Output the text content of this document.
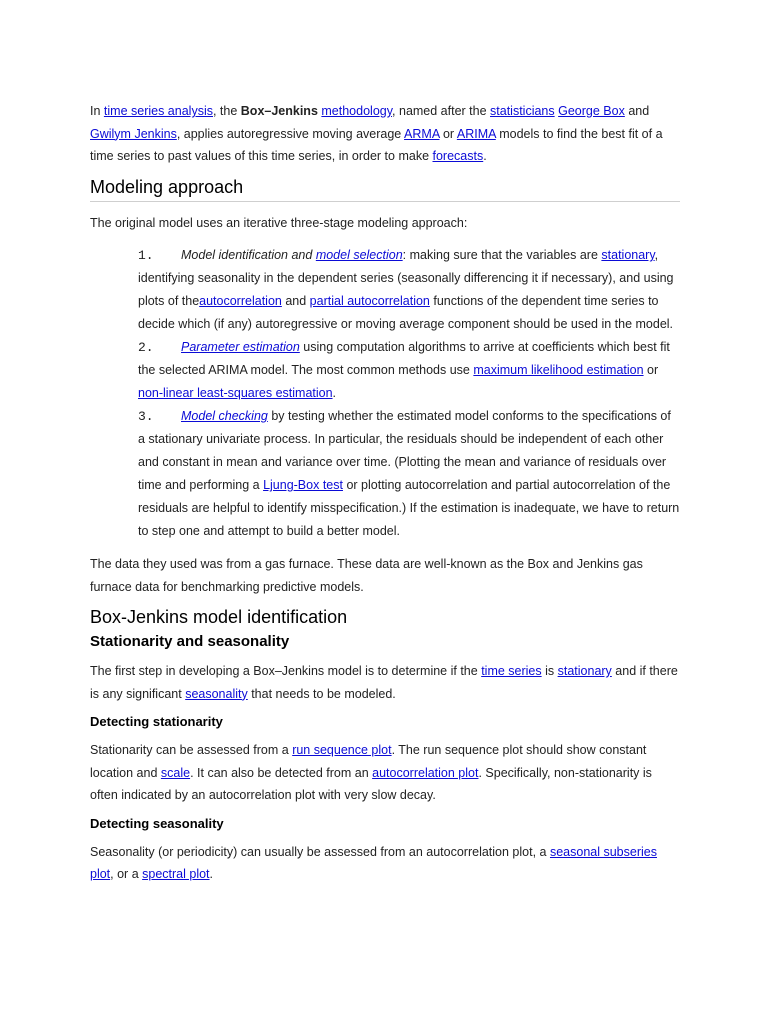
In time series analysis, the Box–Jenkins methodology, named after the statisticians George Box and Gwilym Jenkins, applies autoregressive moving average ARMA or ARIMA models to find the best fit of a time series to past values of this time series, in order to make forecasts.

Modeling approach

The original model uses an iterative three-stage modeling approach:

1. Model identification and model selection: making sure that the variables are stationary, identifying seasonality in the dependent series (seasonally differencing it if necessary), and using plots of theautocorrelation and partial autocorrelation functions of the dependent time series to decide which (if any) autoregressive or moving average component should be used in the model.
2. Parameter estimation using computation algorithms to arrive at coefficients which best fit the selected ARIMA model. The most common methods use maximum likelihood estimation or non-linear least-squares estimation.
3. Model checking by testing whether the estimated model conforms to the specifications of a stationary univariate process. In particular, the residuals should be independent of each other and constant in mean and variance over time. (Plotting the mean and variance of residuals over time and performing a Ljung-Box test or plotting autocorrelation and partial autocorrelation of the residuals are helpful to identify misspecification.) If the estimation is inadequate, we have to return to step one and attempt to build a better model.

The data they used was from a gas furnace. These data are well-known as the Box and Jenkins gas furnace data for benchmarking predictive models.

Box-Jenkins model identification
Stationarity and seasonality

The first step in developing a Box–Jenkins model is to determine if the time series is stationary and if there is any significant seasonality that needs to be modeled.

Detecting stationarity

Stationarity can be assessed from a run sequence plot. The run sequence plot should show constant location and scale. It can also be detected from an autocorrelation plot. Specifically, non-stationarity is often indicated by an autocorrelation plot with very slow decay.

Detecting seasonality

Seasonality (or periodicity) can usually be assessed from an autocorrelation plot, a seasonal subseries plot, or a spectral plot.
